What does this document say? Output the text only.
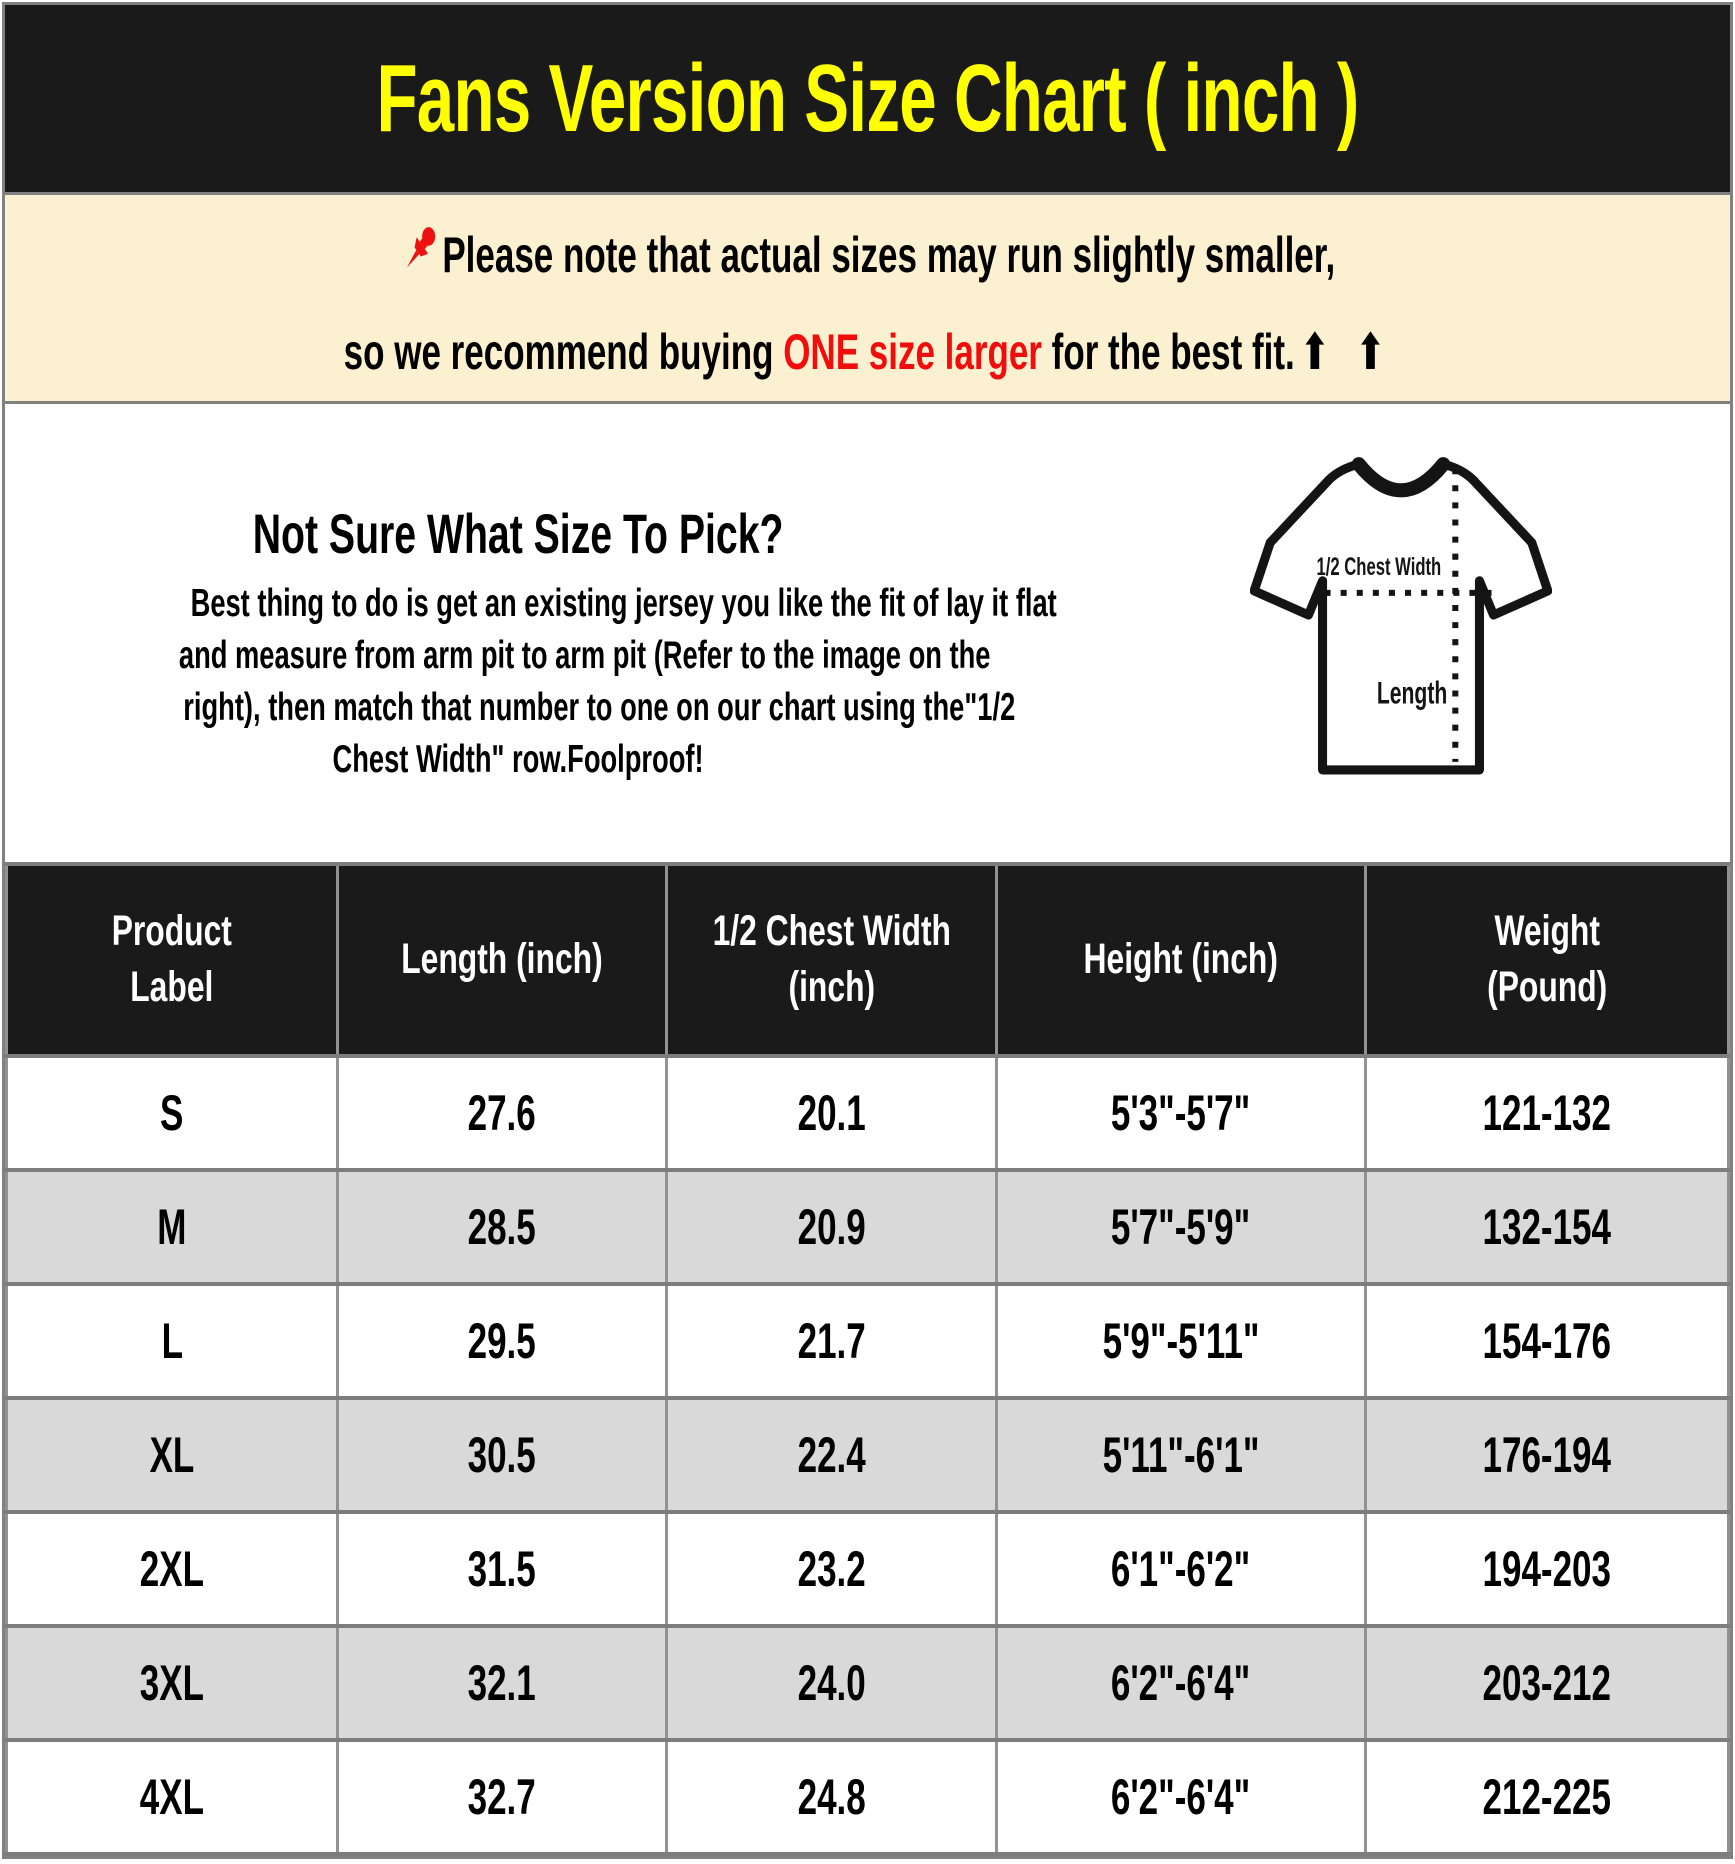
Fans Version Size Chart ( inch )
Please note that actual sizes may run slightly smaller,
so we recommend buying ONE size larger for the best fit. ⬆ ⬆
Not Sure What Size To Pick?
Best thing to do is get an existing jersey you like the fit of lay it flat
and measure from arm pit to arm pit (Refer to the image on the
right), then match that number to one on our chart using the"1/2
Chest Width" row.Foolproof!
1/2 Chest Width
Length
Product
Label	Length (inch)	1/2 Chest Width
(inch)	Height (inch)	Weight
(Pound)

S	27.6	20.1	5'3"-5'7"	121-132
M	28.5	20.9	5'7"-5'9"	132-154
L	29.5	21.7	5'9"-5'11"	154-176
XL	30.5	22.4	5'11"-6'1"	176-194
2XL	31.5	23.2	6'1"-6'2"	194-203
3XL	32.1	24.0	6'2"-6'4"	203-212
4XL	32.7	24.8	6'2"-6'4"	212-225
